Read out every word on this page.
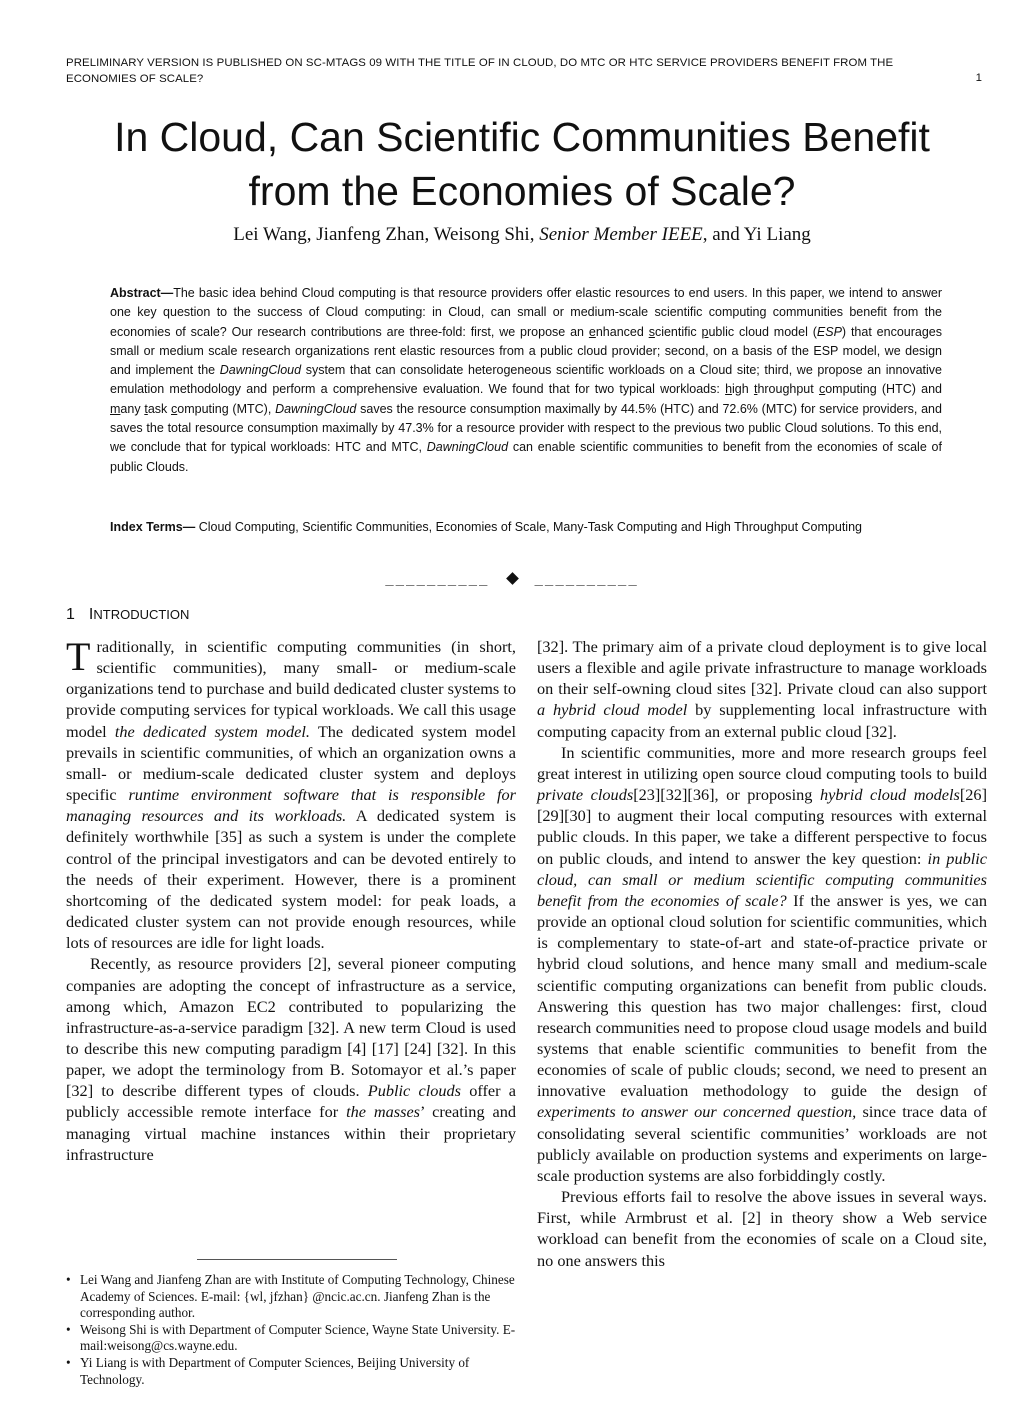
PRELIMINARY VERSION IS PUBLISHED ON SC-MTAGS 09 WITH THE TITLE OF IN CLOUD, DO MTC OR HTC SERVICE PROVIDERS BENEFIT FROM THE ECONOMIES OF SCALE?	1
In Cloud, Can Scientific Communities Benefit
from the Economies of Scale?
Lei Wang, Jianfeng Zhan, Weisong Shi, Senior Member IEEE, and Yi Liang
Abstract—The basic idea behind Cloud computing is that resource providers offer elastic resources to end users. In this paper, we intend to answer one key question to the success of Cloud computing: in Cloud, can small or medium-scale scientific computing communities benefit from the economies of scale? Our research contributions are three-fold: first, we propose an enhanced scientific public cloud model (ESP) that encourages small or medium scale research organizations rent elastic resources from a public cloud provider; second, on a basis of the ESP model, we design and implement the DawningCloud system that can consolidate heterogeneous scientific workloads on a Cloud site; third, we propose an innovative emulation methodology and perform a comprehensive evaluation. We found that for two typical workloads: high throughput computing (HTC) and many task computing (MTC), DawningCloud saves the resource consumption maximally by 44.5% (HTC) and 72.6% (MTC) for service providers, and saves the total resource consumption maximally by 47.3% for a resource provider with respect to the previous two public Cloud solutions. To this end, we conclude that for typical workloads: HTC and MTC, DawningCloud can enable scientific communities to benefit from the economies of scale of public Clouds.
Index Terms— Cloud Computing, Scientific Communities, Economies of Scale, Many-Task Computing and High Throughput Computing
__________	__________
1 INTRODUCTION

Traditionally, in scientific computing communities (in short, scientific communities), many small- or medium-scale organizations tend to purchase and build dedicated cluster systems to provide computing services for typical workloads. We call this usage model the dedicated system model. The dedicated system model prevails in scientific communities, of which an organization owns a small- or medium-scale dedicated cluster system and deploys specific runtime environment software that is responsible for managing resources and its workloads. A dedicated system is definitely worthwhile [35] as such a system is under the complete control of the principal investigators and can be devoted entirely to the needs of their experiment. However, there is a prominent shortcoming of the dedicated system model: for peak loads, a dedicated cluster system can not provide enough resources, while lots of resources are idle for light loads.

Recently, as resource providers [2], several pioneer computing companies are adopting the concept of infrastructure as a service, among which, Amazon EC2 contributed to popularizing the infrastructure-as-a-service paradigm [32]. A new term Cloud is used to describe this new computing paradigm [4] [17] [24] [32]. In this paper, we adopt the terminology from B. Sotomayor et al.’s paper [32] to describe different types of clouds. Public clouds offer a publicly accessible remote interface for the masses’ creating and managing virtual machine instances within their proprietary infrastructure

[32]. The primary aim of a private cloud deployment is to give local users a flexible and agile private infrastructure to manage workloads on their self-owning cloud sites [32]. Private cloud can also support a hybrid cloud model by supplementing local infrastructure with computing capacity from an external public cloud [32].

In scientific communities, more and more research groups feel great interest in utilizing open source cloud computing tools to build private clouds[23][32][36], or proposing hybrid cloud models[26][29][30] to augment their local computing resources with external public clouds. In this paper, we take a different perspective to focus on public clouds, and intend to answer the key question: in public cloud, can small or medium scientific computing communities benefit from the economies of scale? If the answer is yes, we can provide an optional cloud solution for scientific communities, which is complementary to state-of-art and state-of-practice private or hybrid cloud solutions, and hence many small and medium-scale scientific computing organizations can benefit from public clouds. Answering this question has two major challenges: first, cloud research communities need to propose cloud usage models and build systems that enable scientific communities to benefit from the economies of scale of public clouds; second, we need to present an innovative evaluation methodology to guide the design of experiments to answer our concerned question, since trace data of consolidating several scientific communities’ workloads are not publicly available on production systems and experiments on large-scale production systems are also forbiddingly costly.

Previous efforts fail to resolve the above issues in several ways. First, while Armbrust et al. [2] in theory show a Web service workload can benefit from the economies of scale on a Cloud site, no one answers this

• Lei Wang and Jianfeng Zhan are with Institute of Computing Technology, Chinese Academy of Sciences. E-mail: {wl, jfzhan} @ncic.ac.cn. Jianfeng Zhan is the corresponding author.
• Weisong Shi is with Department of Computer Science, Wayne State University. E-mail:weisong@cs.wayne.edu.
• Yi Liang is with Department of Computer Sciences, Beijing University of Technology.
